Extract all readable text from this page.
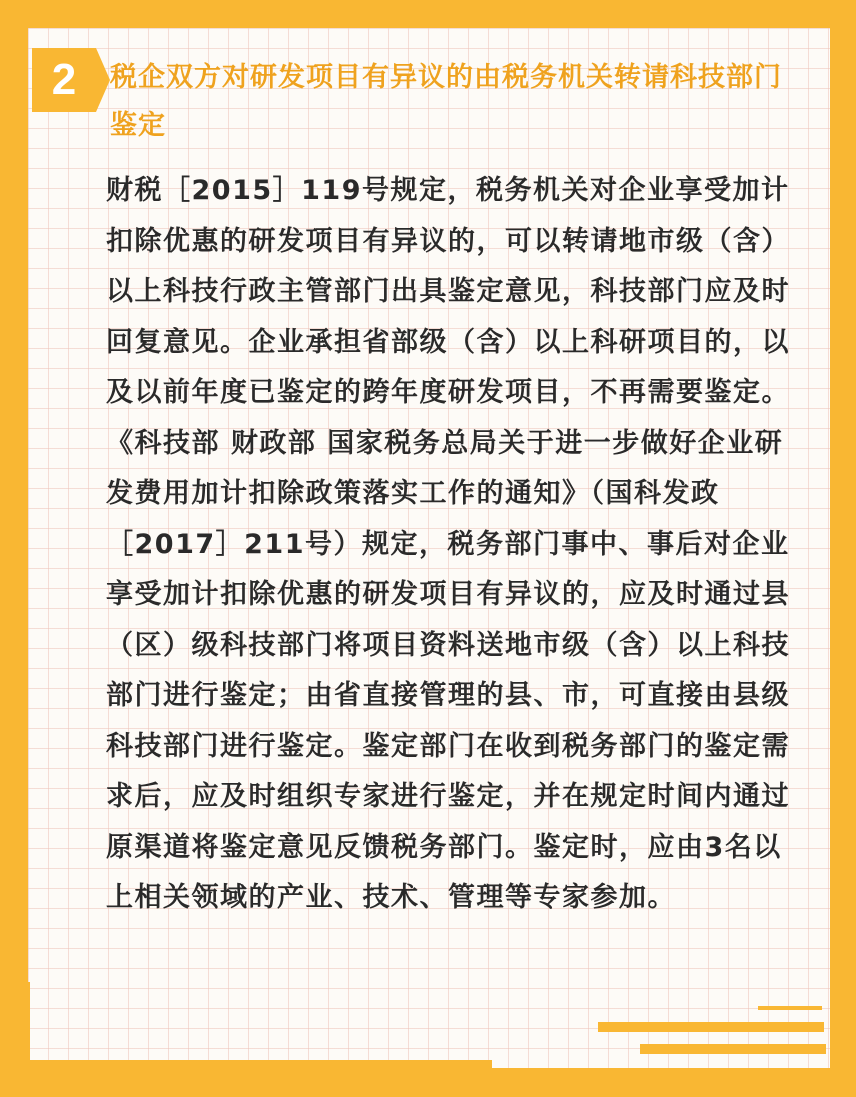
2 税企双方对研发项目有异议的由税务机关转请科技部门鉴定

财税［2015］119号规定，税务机关对企业享受加计扣除优惠的研发项目有异议的，可以转请地市级（含）以上科技行政主管部门出具鉴定意见，科技部门应及时回复意见。企业承担省部级（含）以上科研项目的，以及以前年度已鉴定的跨年度研发项目，不再需要鉴定。

《科技部 财政部 国家税务总局关于进一步做好企业研发费用加计扣除政策落实工作的通知》（国科发政［2017］211号）规定，税务部门事中、事后对企业享受加计扣除优惠的研发项目有异议的，应及时通过县（区）级科技部门将项目资料送地市级（含）以上科技部门进行鉴定；由省直接管理的县、市，可直接由县级科技部门进行鉴定。鉴定部门在收到税务部门的鉴定需求后，应及时组织专家进行鉴定，并在规定时间内通过原渠道将鉴定意见反馈税务部门。鉴定时，应由3名以上相关领域的产业、技术、管理等专家参加。
